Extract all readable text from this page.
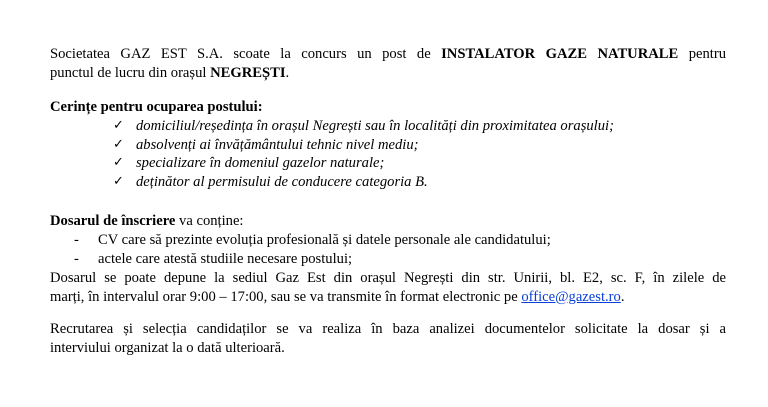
Societatea GAZ EST S.A. scoate la concurs un post de INSTALATOR GAZE NATURALE pentru
punctul de lucru din orașul NEGREȘTI.

Cerințe pentru ocuparea postului:

✓ domiciliul/reședința în orașul Negrești sau în localități din proximitatea orașului;
✓ absolvenți ai învățământului tehnic nivel mediu;
✓ specializare în domeniul gazelor naturale;
✓ deținător al permisului de conducere categoria B.

Dosarul de înscriere va conține:

- CV care să prezinte evoluția profesională și datele personale ale candidatului;
- actele care atestă studiile necesare postului;

Dosarul se poate depune la sediul Gaz Est din orașul Negrești din str. Unirii, bl. E2, sc. F, în zilele de
marți, în intervalul orar 9:00 – 17:00, sau se va transmite în format electronic pe office@gazest.ro.

Recrutarea și selecția candidaților se va realiza în baza analizei documentelor solicitate la dosar și a
interviului organizat la o dată ulterioară.
